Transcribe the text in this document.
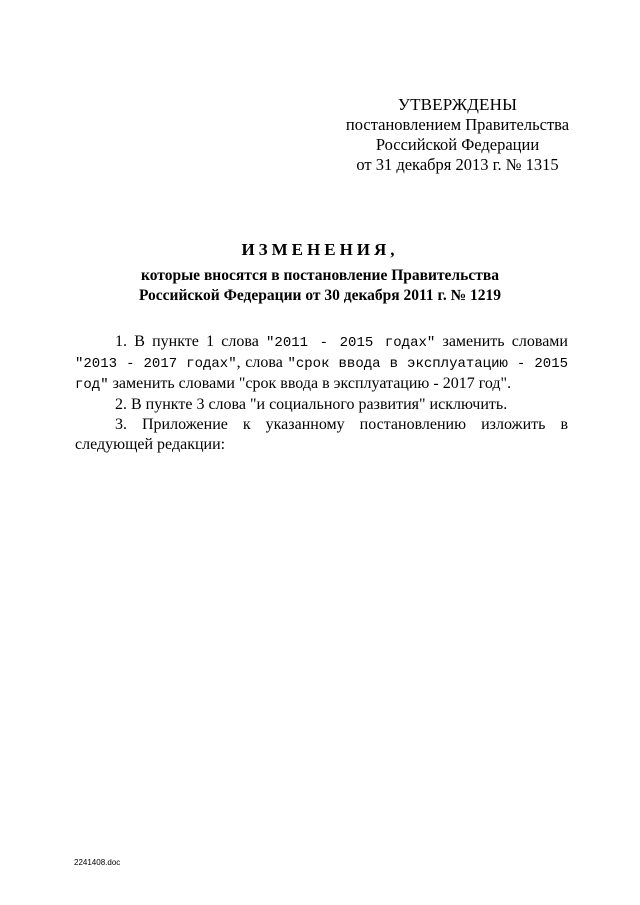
УТВЕРЖДЕНЫ
постановлением Правительства
Российской Федерации
от 31 декабря 2013 г. № 1315
ИЗМЕНЕНИЯ,
которые вносятся в постановление Правительства
Российской Федерации от 30 декабря 2011 г. № 1219

1. В пункте 1 слова "2011 - 2015 годах" заменить словами "2013 - 2017 годах", слова "срок ввода в эксплуатацию - 2015 год" заменить словами "срок ввода в эксплуатацию - 2017 год".

2. В пункте 3 слова "и социального развития" исключить.

3. Приложение к указанному постановлению изложить в следующей редакции:

2241408.doc
